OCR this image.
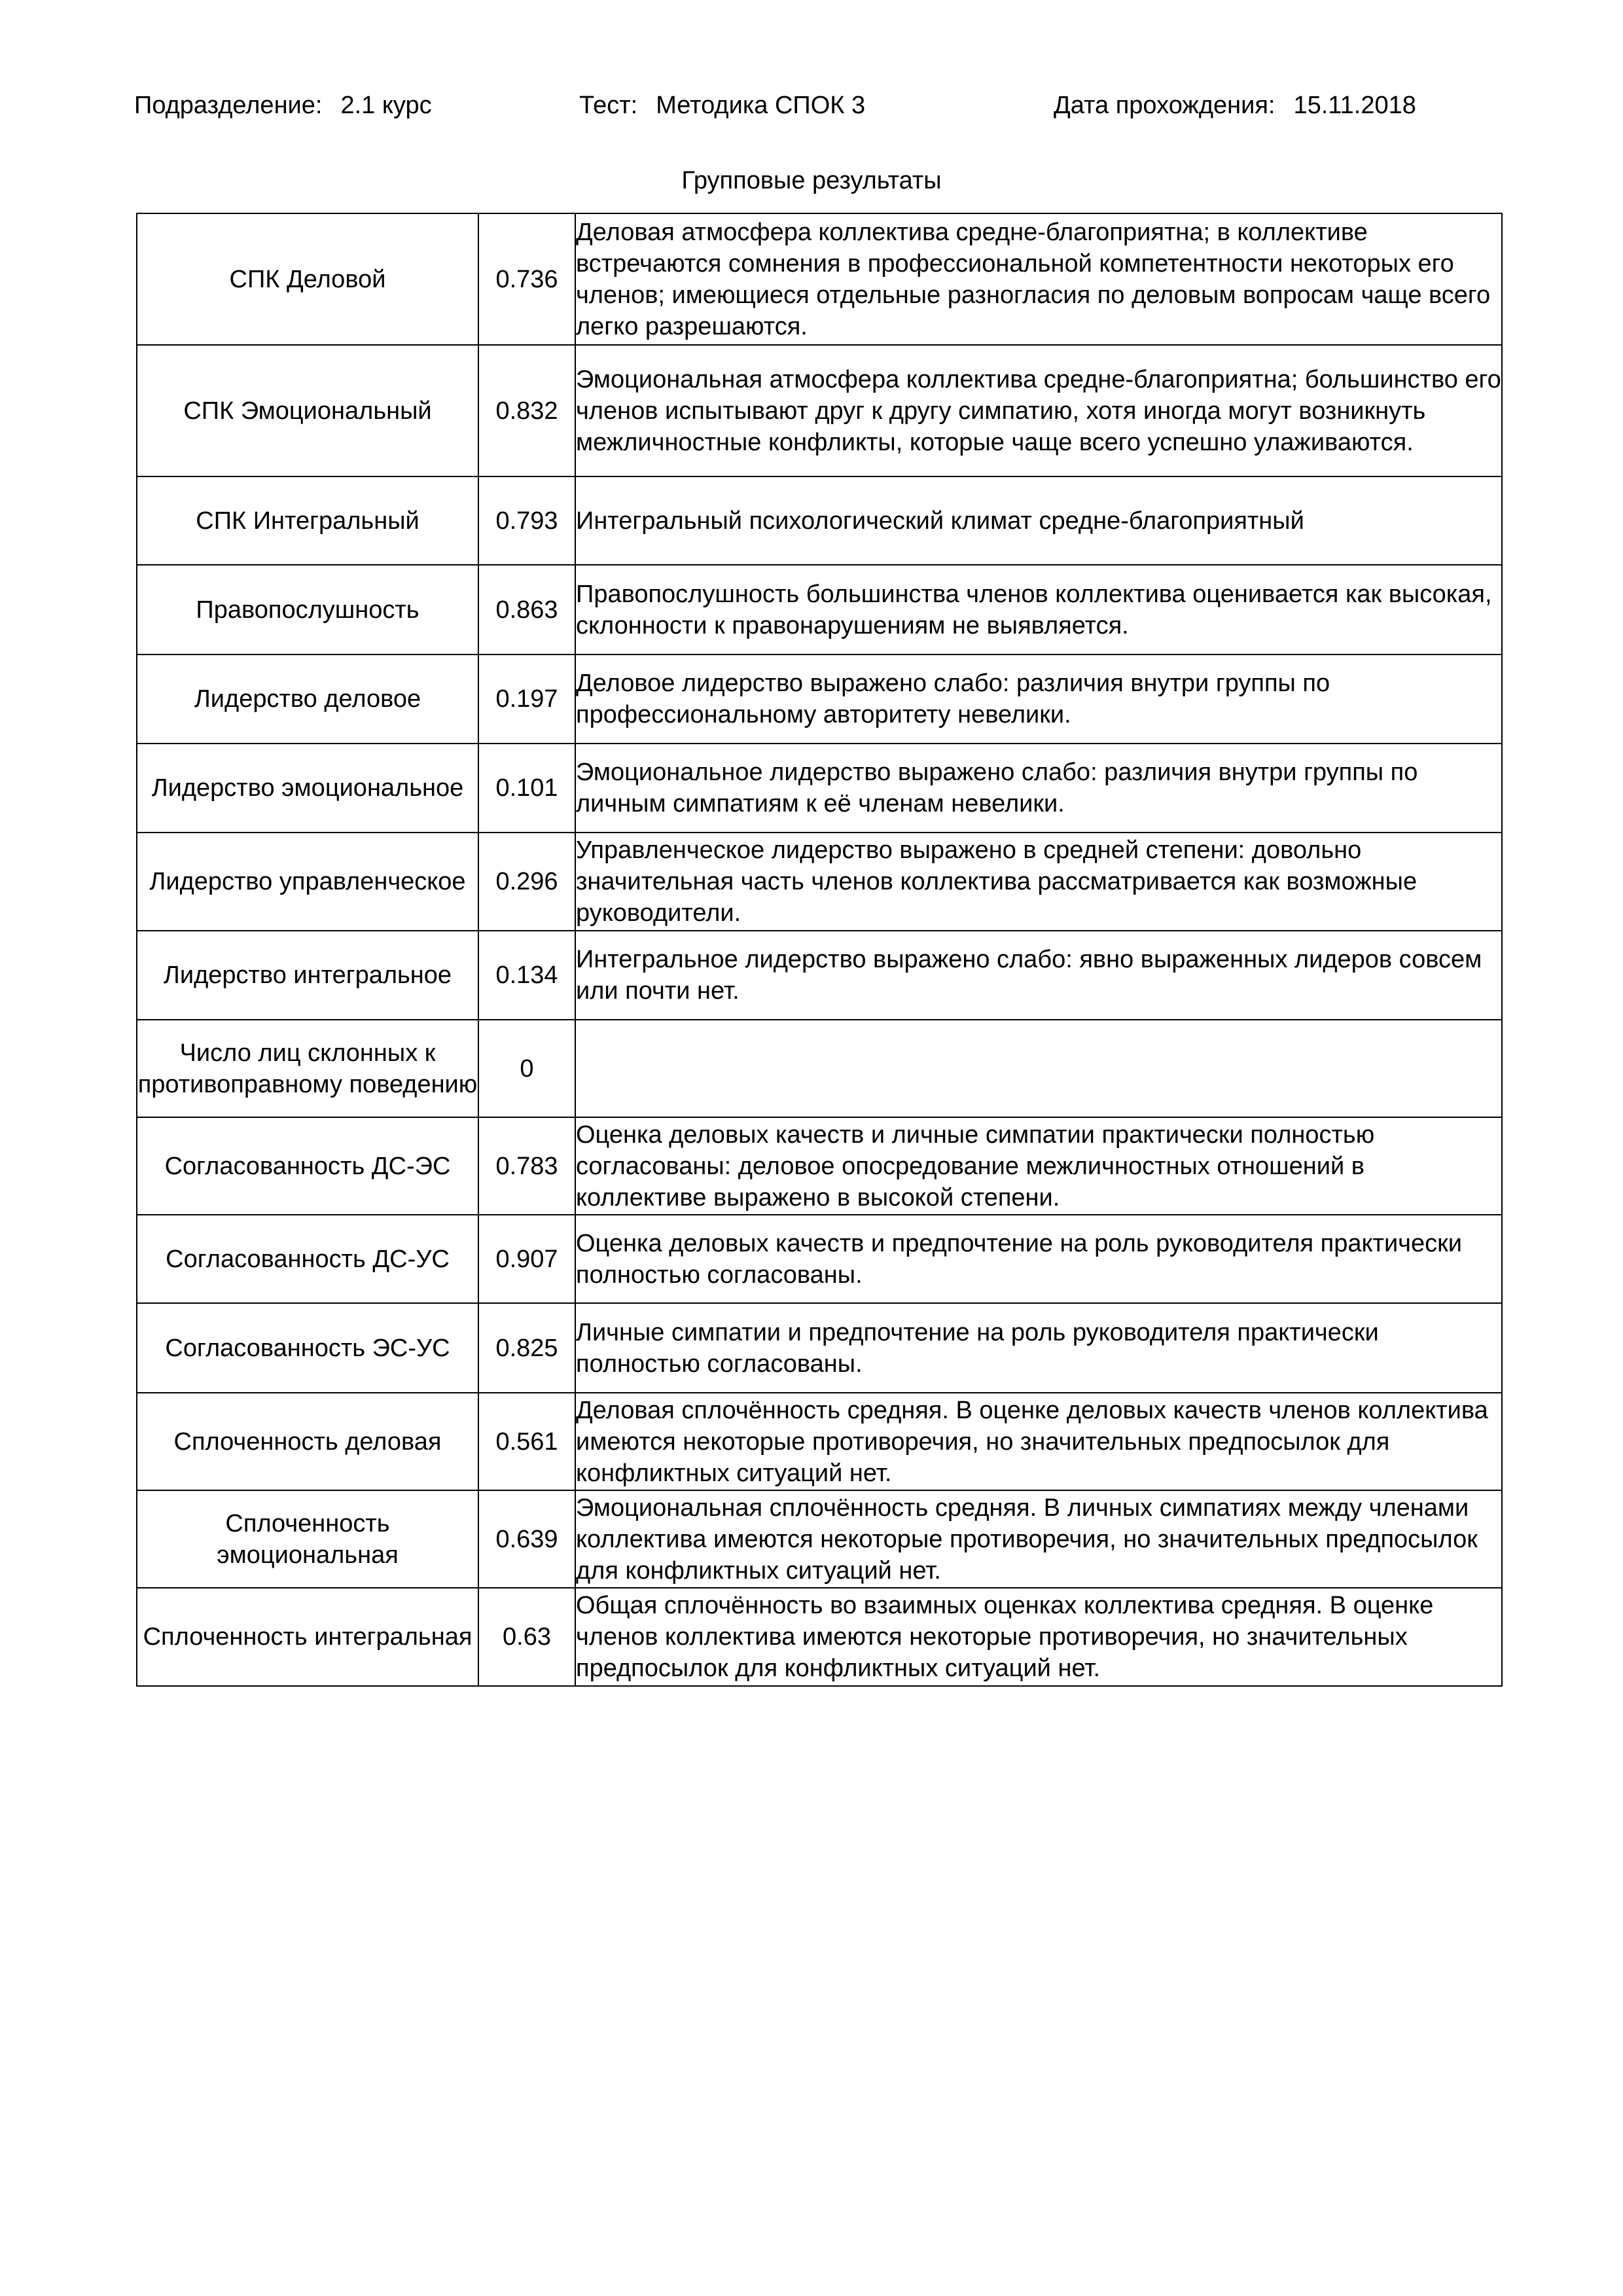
Подразделение: 2.1 курс	Тест: Методика СПОК 3	Дата прохождения: 15.11.2018
Групповые результаты
СПК Деловой	0.736	Деловая атмосфера коллектива средне-благоприятна; в коллективе встречаются сомнения в профессиональной компетентности некоторых его членов; имеющиеся отдельные разногласия по деловым вопросам чаще всего легко разрешаются.
СПК Эмоциональный	0.832	Эмоциональная атмосфера коллектива средне-благоприятна; большинство его членов испытывают друг к другу симпатию, хотя иногда могут возникнуть межличностные конфликты, которые чаще всего успешно улаживаются.
СПК Интегральный	0.793	Интегральный психологический климат средне-благоприятный
Правопослушность	0.863	Правопослушность большинства членов коллектива оценивается как высокая, склонности к правонарушениям не выявляется.
Лидерство деловое	0.197	Деловое лидерство выражено слабо: различия внутри группы по профессиональному авторитету невелики.
Лидерство эмоциональное	0.101	Эмоциональное лидерство выражено слабо: различия внутри группы по личным симпатиям к её членам невелики.
Лидерство управленческое	0.296	Управленческое лидерство выражено в средней степени: довольно значительная часть членов коллектива рассматривается как возможные руководители.
Лидерство интегральное	0.134	Интегральное лидерство выражено слабо: явно выраженных лидеров совсем или почти нет.
Число лиц склонных к противоправному поведению	0	
Согласованность ДС-ЭС	0.783	Оценка деловых качеств и личные симпатии практически полностью согласованы: деловое опосредование межличностных отношений в коллективе выражено в высокой степени.
Согласованность ДС-УС	0.907	Оценка деловых качеств и предпочтение на роль руководителя практически полностью согласованы.
Согласованность ЭС-УС	0.825	Личные симпатии и предпочтение на роль руководителя практически полностью согласованы.
Сплоченность деловая	0.561	Деловая сплочённость средняя. В оценке деловых качеств членов коллектива имеются некоторые противоречия, но значительных предпосылок для конфликтных ситуаций нет.
Сплоченность эмоциональная	0.639	Эмоциональная сплочённость средняя. В личных симпатиях между членами коллектива имеются некоторые противоречия, но значительных предпосылок для конфликтных ситуаций нет.
Сплоченность интегральная	0.63	Общая сплочённость во взаимных оценках коллектива средняя. В оценке членов коллектива имеются некоторые противоречия, но значительных предпосылок для конфликтных ситуаций нет.
